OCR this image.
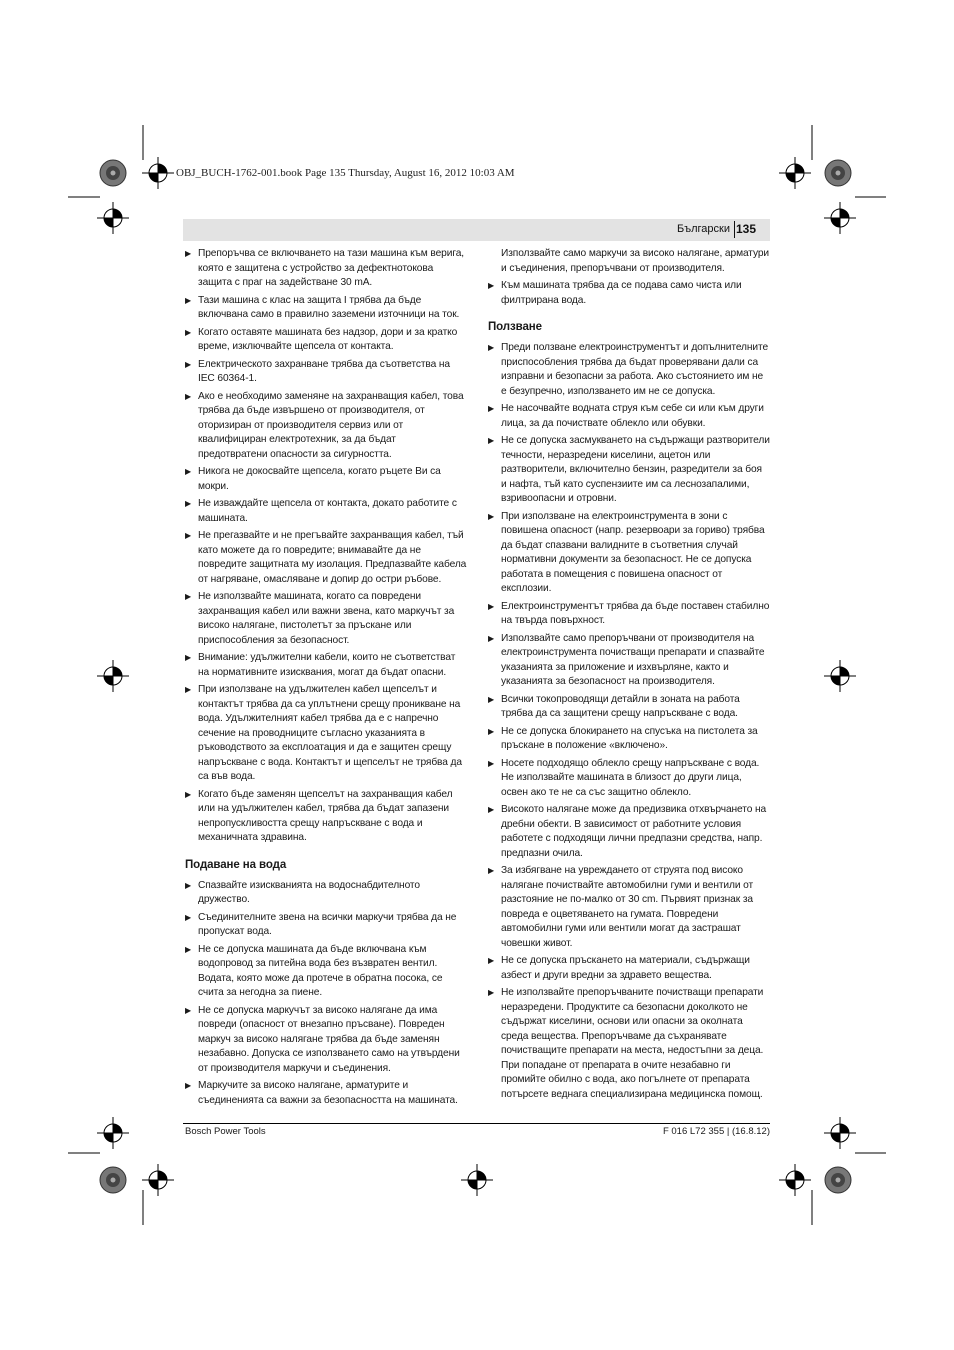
OBJ_BUCH-1762-001.book Page 135 Thursday, August 16, 2012 10:03 AM
Български 135
▶ Препоръчва се включването на тази машина към верига, която е защитена с устройство за дефектнотокова защита с праг на задействане 30 mA.
▶ Тази машина с клас на защита I трябва да бъде включвана само в правилно заземени източници на ток.
▶ Когато оставяте машината без надзор, дори и за кратко време, изключвайте щепсела от контакта.
▶ Електрическото захранване трябва да съответства на IEC 60364-1.
▶ Ако е необходимо заменяне на захранващия кабел, това трябва да бъде извършено от производителя, от оторизиран от производителя сервиз или от квалифициран електротехник, за да бъдат предотвратени опасности за сигурността.
▶ Никога не докосвайте щепсела, когато ръцете Ви са мокри.
▶ Не изваждайте щепсела от контакта, докато работите с машината.
▶ Не прегазвайте и не прегъвайте захранващия кабел, тъй като можете да го повредите; внимавайте да не повредите защитната му изолация. Предпазвайте кабела от нагряване, омасляване и допир до остри ръбове.
▶ Не използвайте машината, когато са повредени захранващия кабел или важни звена, като маркучът за високо налягане, пистолетът за пръскане или приспособления за безопасност.
▶ Внимание: удължителни кабели, които не съответстват на нормативните изисквания, могат да бъдат опасни.
▶ При използване на удължителен кабел щепселът и контактът трябва да са уплътнени срещу проникване на вода. Удължителният кабел трябва да е с напречно сечение на проводниците съгласно указанията в ръководството за експлоатация и да е защитен срещу напръскване с вода. Контактът и щепселът не трябва да са във вода.
▶ Когато бъде заменян щепселът на захранващия кабел или на удължителен кабел, трябва да бъдат запазени непропускливостта срещу напръскване с вода и механичната здравина.
Подаване на вода
▶ Спазвайте изискванията на водоснабдителното дружество.
▶ Съединителните звена на всички маркучи трябва да не пропускат вода.
▶ Не се допуска машината да бъде включвана към водопровод за питейна вода без възвратен вентил. Водата, която може да протече в обратна посока, се счита за негодна за пиене.
▶ Не се допуска маркучът за високо налягане да има повреди (опасност от внезапно пръсване). Повреден маркуч за високо налягане трябва да бъде заменян незабавно. Допуска се използването само на утвърдени от производителя маркучи и съединения.
▶ Маркучите за високо налягане, арматурите и съединенията са важни за безопасността на машината.
Използвайте само маркучи за високо налягане, арматури и съединения, препоръчвани от производителя.
▶ Към машината трябва да се подава само чиста или филтрирана вода.
Ползване
▶ Преди ползване електроинструментът и допълнителните приспособления трябва да бъдат проверявани дали са изправни и безопасни за работа. Ако състоянието им не е безупречно, използването им не се допуска.
▶ Не насочвайте водната струя към себе си или към други лица, за да почиствате облекло или обувки.
▶ Не се допуска засмукването на съдържащи разтворители течности, неразредени киселини, ацетон или разтворители, включително бензин, разредители за боя и нафта, тъй като суспензиите им са леснозапалими, взривоопасни и отровни.
▶ При използване на електроинструмента в зони с повишена опасност (напр. резервоари за гориво) трябва да бъдат спазвани валидните в съответния случай нормативни документи за безопасност. Не се допуска работата в помещения с повишена опасност от експлозии.
▶ Електроинструментът трябва да бъде поставен стабилно на твърда повърхност.
▶ Използвайте само препоръчвани от производителя на електроинструмента почистващи препарати и спазвайте указанията за приложение и изхвърляне, както и указанията за безопасност на производителя.
▶ Всички токопроводящи детайли в зоната на работа трябва да са защитени срещу напръскване с вода.
▶ Не се допуска блокирането на спусъка на пистолета за пръскане в положение «включено».
▶ Носете подходящо облекло срещу напръскване с вода. Не използвайте машината в близост до други лица, освен ако те не са със защитно облекло.
▶ Високото налягане може да предизвика отхвърчането на дребни обекти. В зависимост от работните условия работете с подходящи лични предпазни средства, напр. предпазни очила.
▶ За избягване на увреждането от струята под високо налягане почиствайте автомобилни гуми и вентили от разстояние не по-малко от 30 cm. Първият признак за повреда е оцветяването на гумата. Повредени автомобилни гуми или вентили могат да застрашат човешки живот.
▶ Не се допуска пръскането на материали, съдържащи азбест и други вредни за здравето вещества.
▶ Не използвайте препоръчваните почистващи препарати неразредени. Продуктите са безопасни доколкото не съдържат киселини, основи или опасни за околната среда вещества. Препоръчваме да съхранявате почистващите препарати на места, недостъпни за деца. При попадане от препарата в очите незабавно ги промийте обилно с вода, ако погълнете от препарата потърсете веднага специализирана медицинска помощ.
Bosch Power Tools	F 016 L72 355 | (16.8.12)
